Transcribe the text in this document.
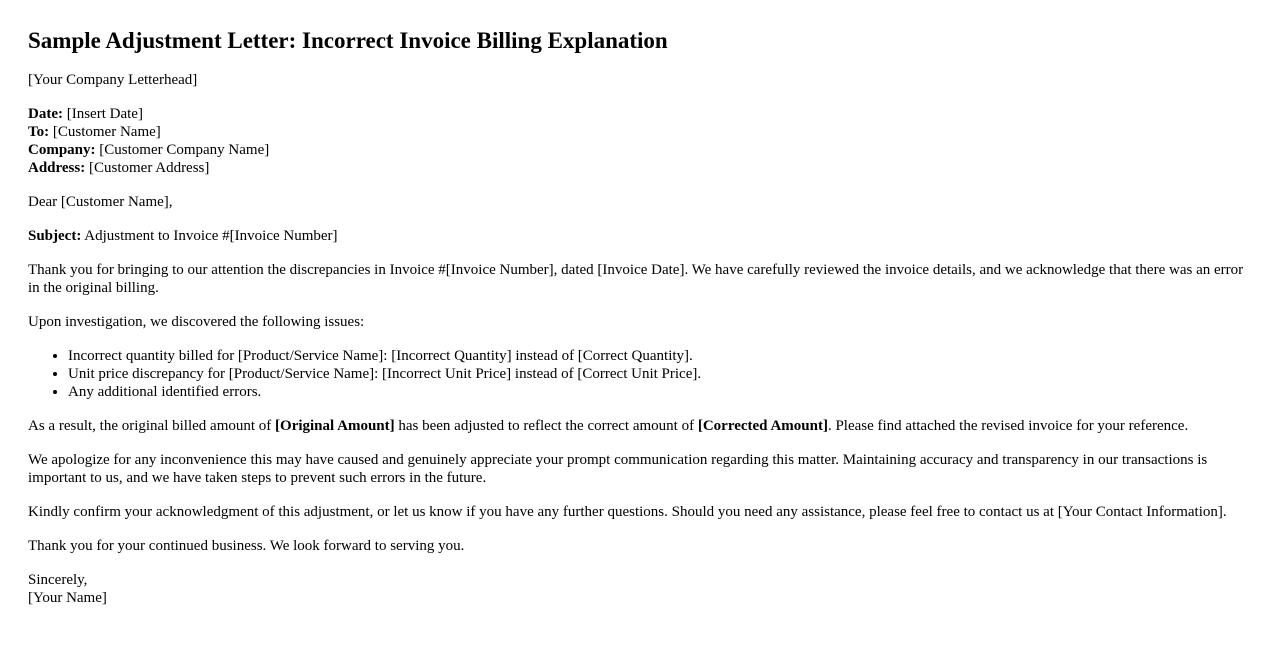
Sample Adjustment Letter: Incorrect Invoice Billing Explanation

[Your Company Letterhead]

Date: [Insert Date]
To: [Customer Name]
Company: [Customer Company Name]
Address: [Customer Address]

Dear [Customer Name],

Subject: Adjustment to Invoice #[Invoice Number]

Thank you for bringing to our attention the discrepancies in Invoice #[Invoice Number], dated [Invoice Date]. We have carefully reviewed the invoice details, and we acknowledge that there was an error in the original billing.

Upon investigation, we discovered the following issues:

• Incorrect quantity billed for [Product/Service Name]: [Incorrect Quantity] instead of [Correct Quantity].
• Unit price discrepancy for [Product/Service Name]: [Incorrect Unit Price] instead of [Correct Unit Price].
• Any additional identified errors.

As a result, the original billed amount of [Original Amount] has been adjusted to reflect the correct amount of [Corrected Amount]. Please find attached the revised invoice for your reference.

We apologize for any inconvenience this may have caused and genuinely appreciate your prompt communication regarding this matter. Maintaining accuracy and transparency in our transactions is important to us, and we have taken steps to prevent such errors in the future.

Kindly confirm your acknowledgment of this adjustment, or let us know if you have any further questions. Should you need any assistance, please feel free to contact us at [Your Contact Information].

Thank you for your continued business. We look forward to serving you.

Sincerely,
[Your Name]
